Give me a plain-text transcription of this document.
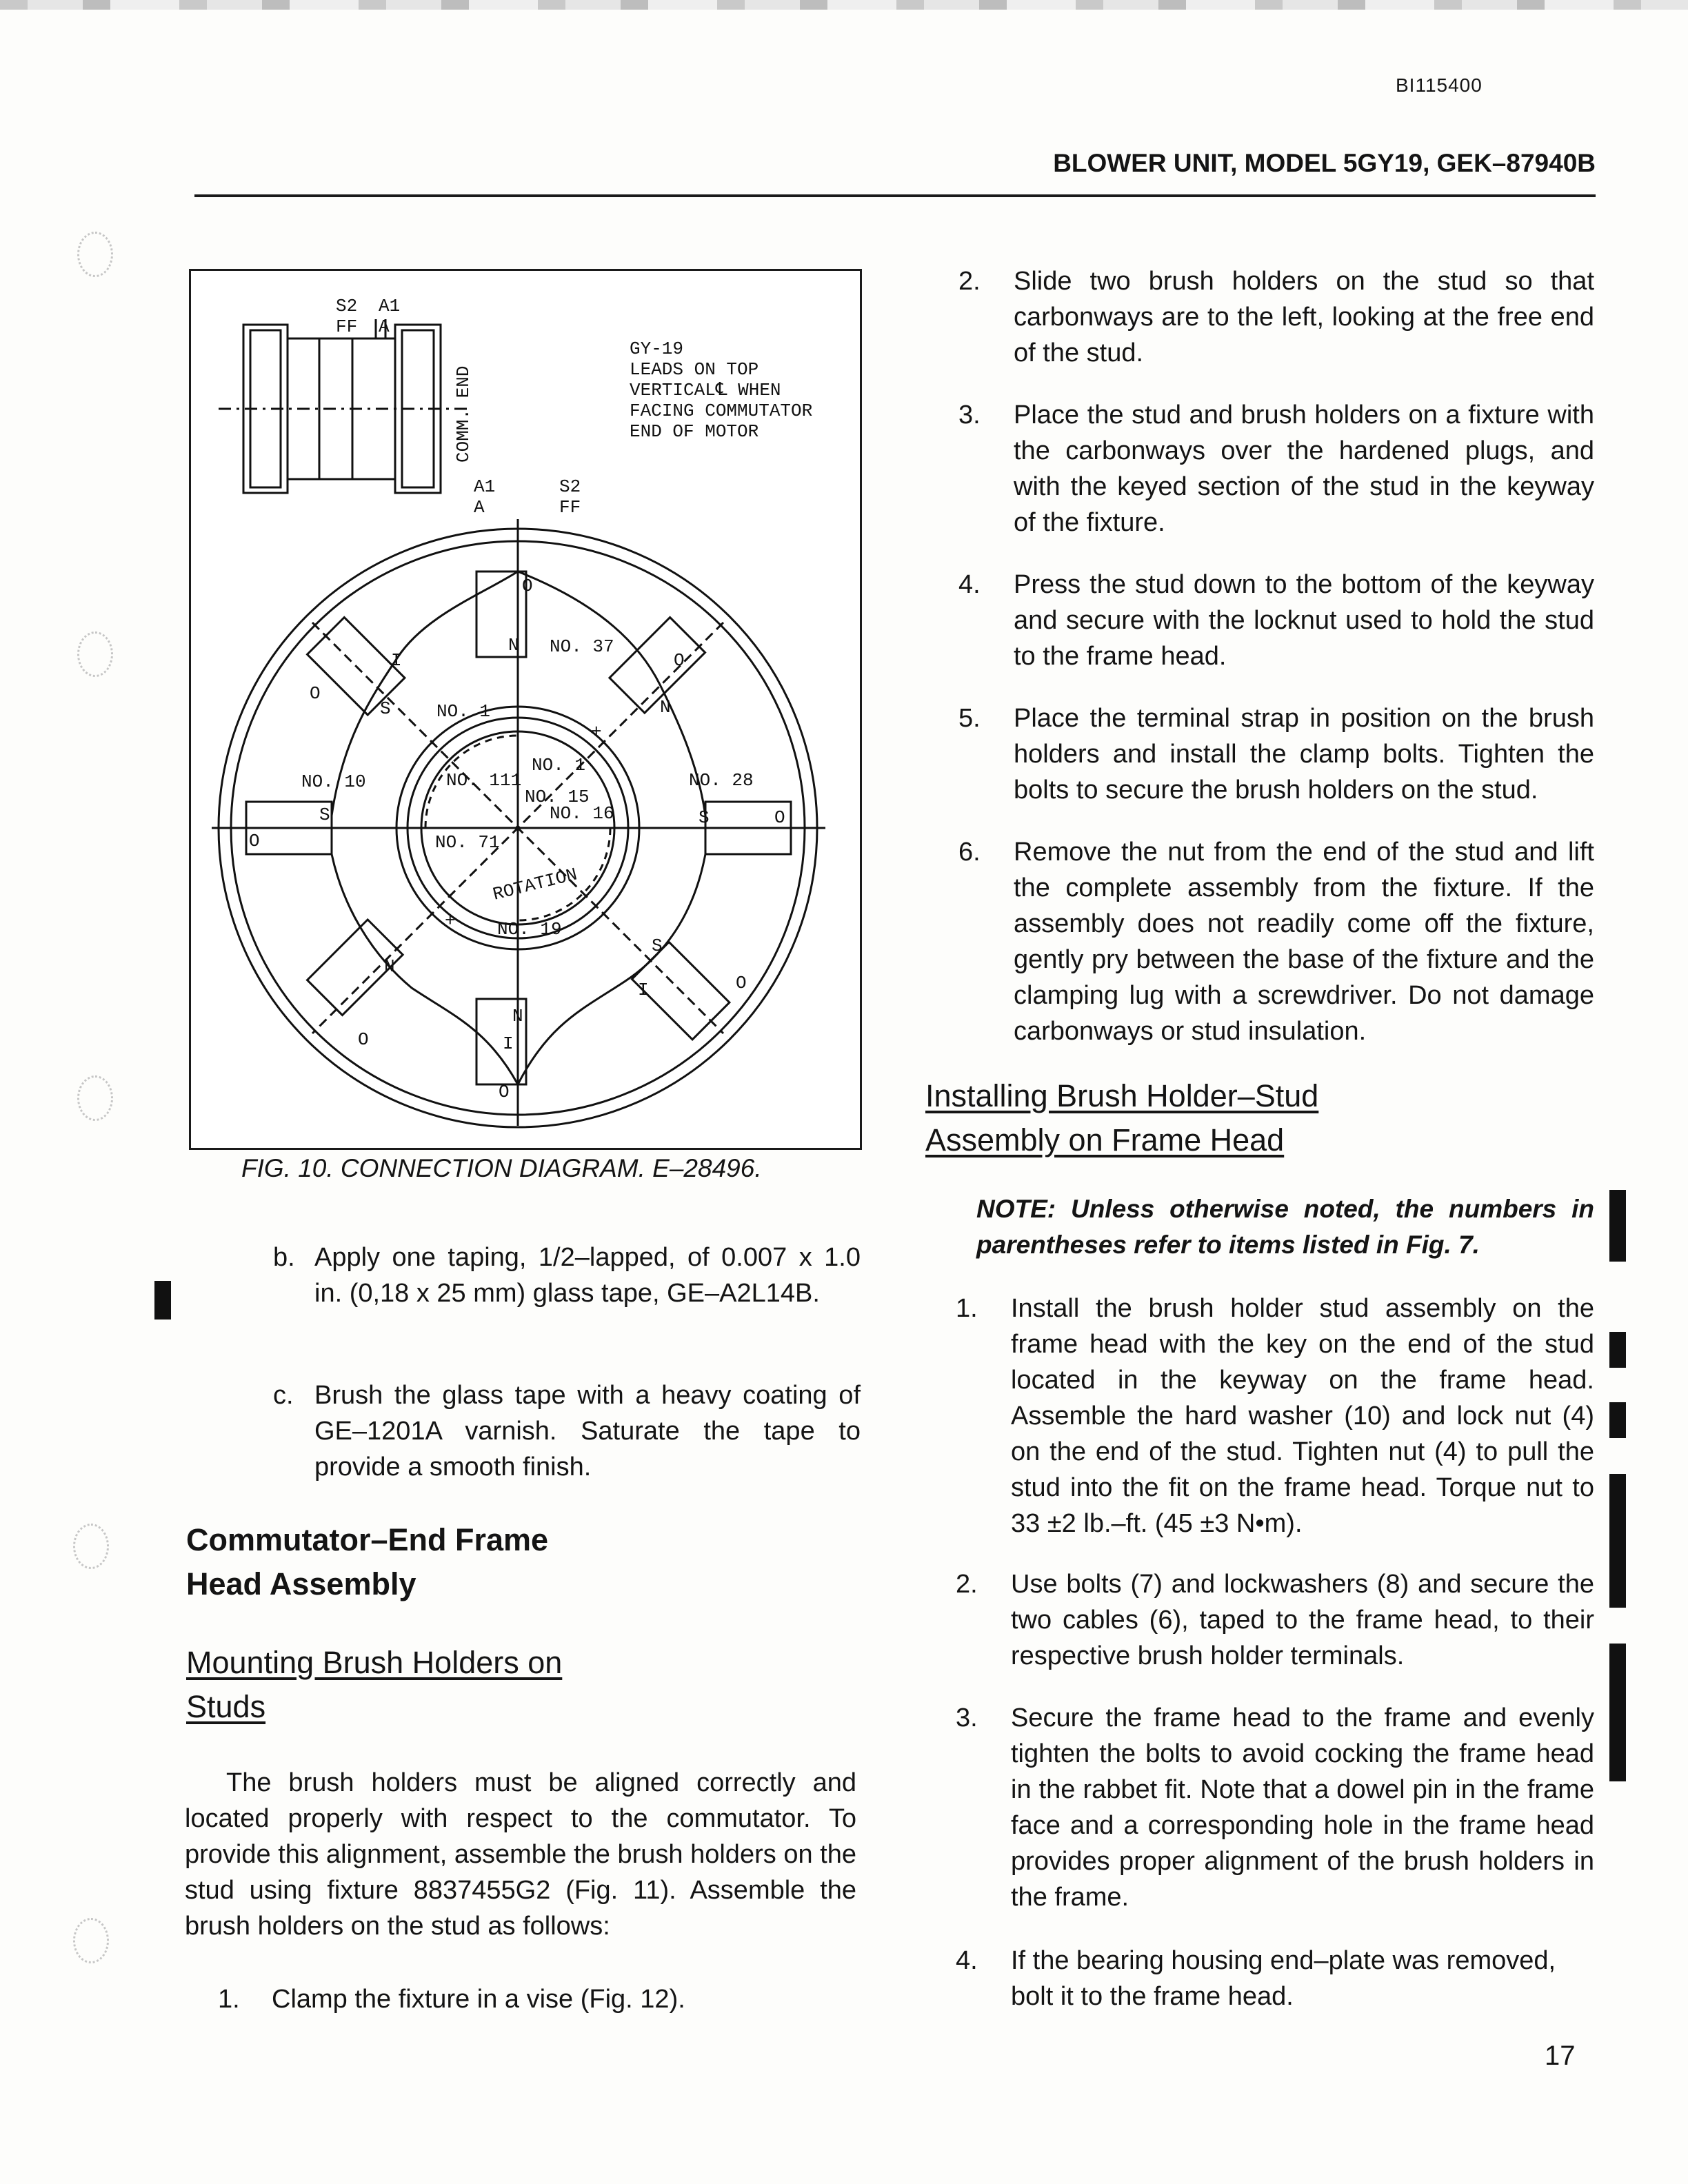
BI115400
BLOWER UNIT, MODEL 5GY19, GEK–87940B
S2 A1
FF A
COMM. END
GY-19
LEADS ON TOP
VERTICAL℄ WHEN
FACING COMMUTATOR
END OF MOTOR
A1
A
S2
FF
NO. 37
NO. 1
NO. 1
NO. 111
NO. 10
NO. 15
NO. 16
NO. 28
NO. 71
NO. 19
ROTATION
O
N
N
S
S	S
S
O
O
O
O
O
O
O
N
N
I
I
I
+
+
FIG. 10. CONNECTION DIAGRAM. E–28496.
b. Apply one taping, 1/2–lapped, of 0.007 x 1.0 in. (0,18 x 25 mm) glass tape, GE–A2L14B.
c. Brush the glass tape with a heavy coating of GE–1201A varnish. Saturate the tape to provide a smooth finish.
Commutator–End Frame
Head Assembly
Mounting Brush Holders on
Studs
The brush holders must be aligned correctly and located properly with respect to the commutator. To provide this alignment, assemble the brush holders on the stud using fixture 8837455G2 (Fig. 11). Assemble the brush holders on the stud as follows:
1. Clamp the fixture in a vise (Fig. 12).
2. Slide two brush holders on the stud so that carbonways are to the left, looking at the free end of the stud.
3. Place the stud and brush holders on a fixture with the carbonways over the hardened plugs, and with the keyed section of the stud in the keyway of the fixture.
4. Press the stud down to the bottom of the keyway and secure with the locknut used to hold the stud to the frame head.
5. Place the terminal strap in position on the brush holders and install the clamp bolts. Tighten the bolts to secure the brush holders on the stud.
6. Remove the nut from the end of the stud and lift the complete assembly from the fixture. If the assembly does not readily come off the fixture, gently pry between the base of the fixture and the clamping lug with a screwdriver. Do not damage carbonways or stud insulation.
Installing Brush Holder–Stud
Assembly on Frame Head
NOTE: Unless otherwise noted, the numbers in parentheses refer to items listed in Fig. 7.
1. Install the brush holder stud assembly on the frame head with the key on the end of the stud located in the keyway on the frame head. Assemble the hard washer (10) and lock nut (4) on the end of the stud. Tighten nut (4) to pull the stud into the fit on the frame head. Torque nut to 33 ±2 lb.–ft. (45 ±3 N•m).
2. Use bolts (7) and lockwashers (8) and secure the two cables (6), taped to the frame head, to their respective brush holder terminals.
3. Secure the frame head to the frame and evenly tighten the bolts to avoid cocking the frame head in the rabbet fit. Note that a dowel pin in the frame face and a corresponding hole in the frame head provides proper alignment of the brush holders in the frame.
4. If the bearing housing end–plate was removed, bolt it to the frame head.
17
